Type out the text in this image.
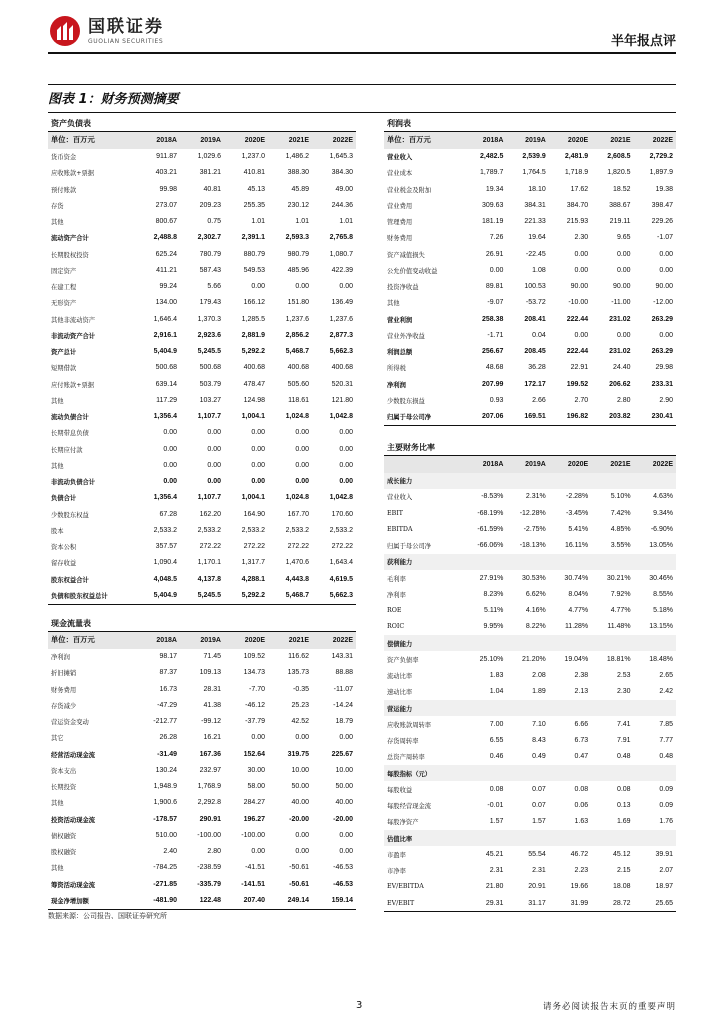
国联证券
GUOLIAN SECURITIES	半年报点评
图表 1：财务预测摘要
资产负债表					
单位：百万元	2018A	2019A	2020E	2021E	2022E
货币资金	911.87	1,029.6	1,237.0	1,486.2	1,645.3
应收账款+票据	403.21	381.21	410.81	388.30	384.30
预付账款	99.98	40.81	45.13	45.89	49.00
存货	273.07	209.23	255.35	230.12	244.36
其他	800.67	0.75	1.01	1.01	1.01
流动资产合计	2,488.8	2,302.7	2,391.1	2,593.3	2,765.8
长期股权投资	625.24	780.79	880.79	980.79	1,080.7
固定资产	411.21	587.43	549.53	485.96	422.39
在建工程	99.24	5.66	0.00	0.00	0.00
无形资产	134.00	179.43	166.12	151.80	136.49
其他非流动资产	1,646.4	1,370.3	1,285.5	1,237.6	1,237.6
非流动资产合计	2,916.1	2,923.6	2,881.9	2,856.2	2,877.3
资产总计	5,404.9	5,245.5	5,292.2	5,468.7	5,662.3
短期借款	500.68	500.68	400.68	400.68	400.68
应付账款+票据	639.14	503.79	478.47	505.60	520.31
其他	117.29	103.27	124.98	118.61	121.80
流动负债合计	1,356.4	1,107.7	1,004.1	1,024.8	1,042.8
长期带息负债	0.00	0.00	0.00	0.00	0.00
长期应付款	0.00	0.00	0.00	0.00	0.00
其他	0.00	0.00	0.00	0.00	0.00
非流动负债合计	0.00	0.00	0.00	0.00	0.00
负债合计	1,356.4	1,107.7	1,004.1	1,024.8	1,042.8
少数股东权益	67.28	162.20	164.90	167.70	170.60
股本	2,533.2	2,533.2	2,533.2	2,533.2	2,533.2
资本公积	357.57	272.22	272.22	272.22	272.22
留存收益	1,090.4	1,170.1	1,317.7	1,470.6	1,643.4
股东权益合计	4,048.5	4,137.8	4,288.1	4,443.8	4,619.5
负债和股东权益总计	5,404.9	5,245.5	5,292.2	5,468.7	5,662.3
利润表					
单位：百万元	2018A	2019A	2020E	2021E	2022E
营业收入	2,482.5	2,539.9	2,481.9	2,608.5	2,729.2
营业成本	1,789.7	1,764.5	1,718.9	1,820.5	1,897.9
营业税金及附加	19.34	18.10	17.62	18.52	19.38
营业费用	309.63	384.31	384.70	388.67	398.47
管理费用	181.19	221.33	215.93	219.11	229.26
财务费用	7.26	19.64	2.30	9.65	-1.07
资产减值损失	26.91	-22.45	0.00	0.00	0.00
公允价值变动收益	0.00	1.08	0.00	0.00	0.00
投资净收益	89.81	100.53	90.00	90.00	90.00
其他	-9.07	-53.72	-10.00	-11.00	-12.00
营业利润	258.38	208.41	222.44	231.02	263.29
营业外净收益	-1.71	0.04	0.00	0.00	0.00
利润总额	256.67	208.45	222.44	231.02	263.29
所得税	48.68	36.28	22.91	24.40	29.98
净利润	207.99	172.17	199.52	206.62	233.31
少数股东损益	0.93	2.66	2.70	2.80	2.90
归属于母公司净	207.06	169.51	196.82	203.82	230.41
主要财务比率					
	2018A	2019A	2020E	2021E	2022E
成长能力					
营业收入	-8.53%	2.31%	-2.28%	5.10%	4.63%
EBIT	-68.19%	-12.28%	-3.45%	7.42%	9.34%
EBITDA	-61.59%	-2.75%	5.41%	4.85%	-6.90%
归属于母公司净	-66.06%	-18.13%	16.11%	3.55%	13.05%
获利能力					
毛利率	27.91%	30.53%	30.74%	30.21%	30.46%
净利率	8.23%	6.62%	8.04%	7.92%	8.55%
ROE	5.11%	4.16%	4.77%	4.77%	5.18%
ROIC	9.95%	8.22%	11.28%	11.48%	13.15%
偿债能力					
资产负债率	25.10%	21.20%	19.04%	18.81%	18.48%
流动比率	1.83	2.08	2.38	2.53	2.65
速动比率	1.04	1.89	2.13	2.30	2.42
营运能力					
应收账款周转率	7.00	7.10	6.66	7.41	7.85
存货周转率	6.55	8.43	6.73	7.91	7.77
总资产周转率	0.46	0.49	0.47	0.48	0.48
每股指标（元）					
每股收益	0.08	0.07	0.08	0.08	0.09
每股经营现金流	-0.01	0.07	0.06	0.13	0.09
每股净资产	1.57	1.57	1.63	1.69	1.76
估值比率					
市盈率	45.21	55.54	46.72	45.12	39.91
市净率	2.31	2.31	2.23	2.15	2.07
EV/EBITDA	21.80	20.91	19.66	18.08	18.97
EV/EBIT	29.31	31.17	31.99	28.72	25.65
现金流量表					
单位：百万元	2018A	2019A	2020E	2021E	2022E
净利润	98.17	71.45	109.52	116.62	143.31
折旧摊销	87.37	109.13	134.73	135.73	88.88
财务费用	16.73	28.31	-7.70	-0.35	-11.07
存货减少	-47.29	41.38	-46.12	25.23	-14.24
营运资金变动	-212.77	-99.12	-37.79	42.52	18.79
其它	26.28	16.21	0.00	0.00	0.00
经营活动现金流	-31.49	167.36	152.64	319.75	225.67
资本支出	130.24	232.97	30.00	10.00	10.00
长期投资	1,948.9	1,768.9	58.00	50.00	50.00
其他	1,900.6	2,292.8	284.27	40.00	40.00
投资活动现金流	-178.57	290.91	196.27	-20.00	-20.00
债权融资	510.00	-100.00	-100.00	0.00	0.00
股权融资	2.40	2.80	0.00	0.00	0.00
其他	-784.25	-238.59	-41.51	-50.61	-46.53
筹资活动现金流	-271.85	-335.79	-141.51	-50.61	-46.53
现金净增加额	-481.90	122.48	207.40	249.14	159.14
数据来源：公司报告、国联证券研究所
3	请务必阅读报告末页的重要声明
